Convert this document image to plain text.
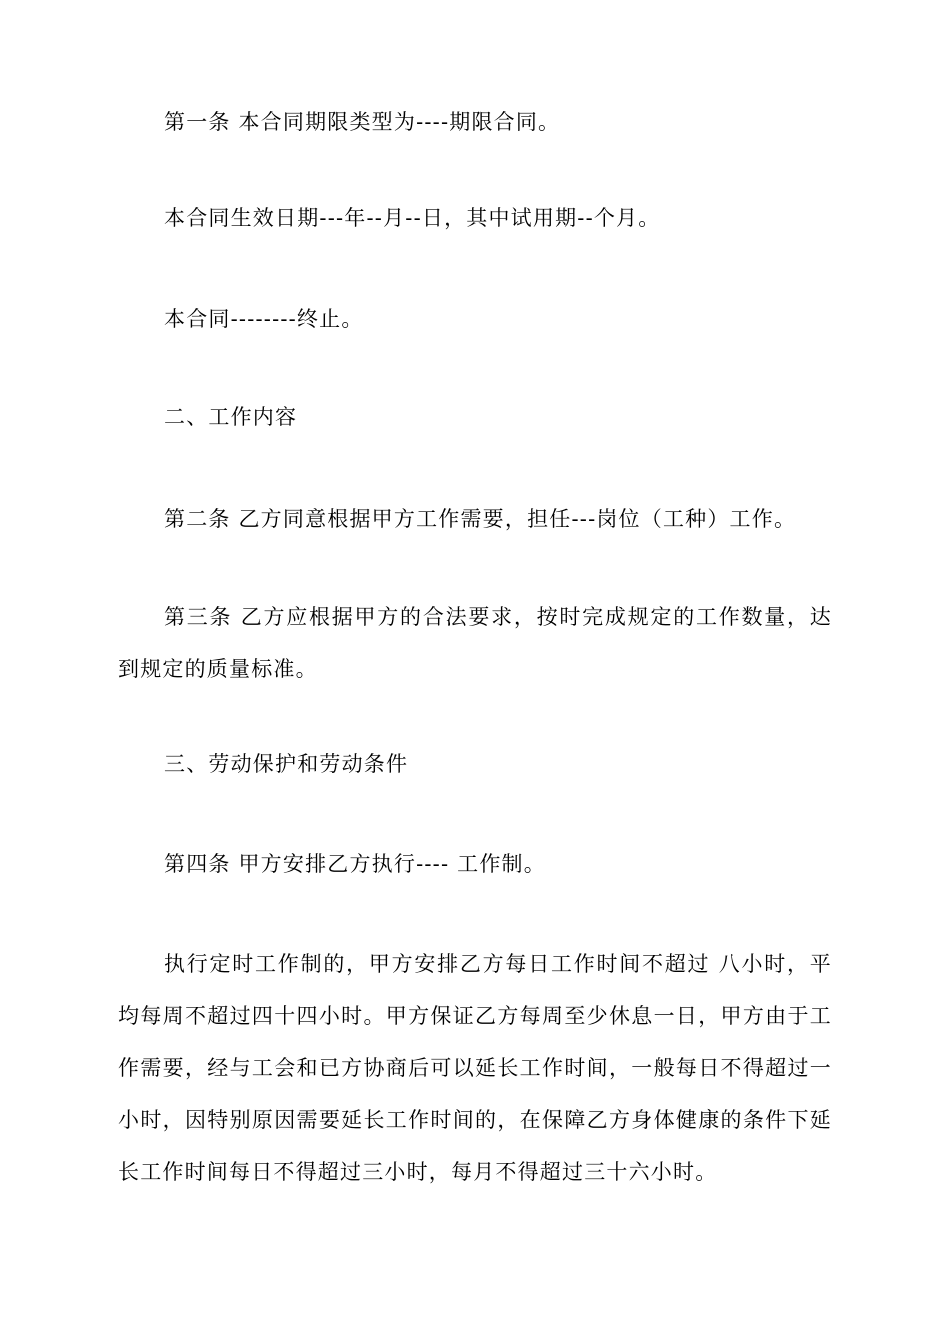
第一条 本合同期限类型为----期限合同。

本合同生效日期---年--月--日，其中试用期--个月。

本合同--------终止。

二、工作内容

第二条 乙方同意根据甲方工作需要，担任---岗位（工种）工作。

第三条 乙方应根据甲方的合法要求，按时完成规定的工作数量，达到规定的质量标准。

三、劳动保护和劳动条件

第四条 甲方安排乙方执行---- 工作制。

执行定时工作制的，甲方安排乙方每日工作时间不超过 八小时，平均每周不超过四十四小时。甲方保证乙方每周至少休息一日，甲方由于工作需要，经与工会和已方协商后可以延长工作时间，一般每日不得超过一小时，因特别原因需要延长工作时间的，在保障乙方身体健康的条件下延长工作时间每日不得超过三小时，每月不得超过三十六小时。
